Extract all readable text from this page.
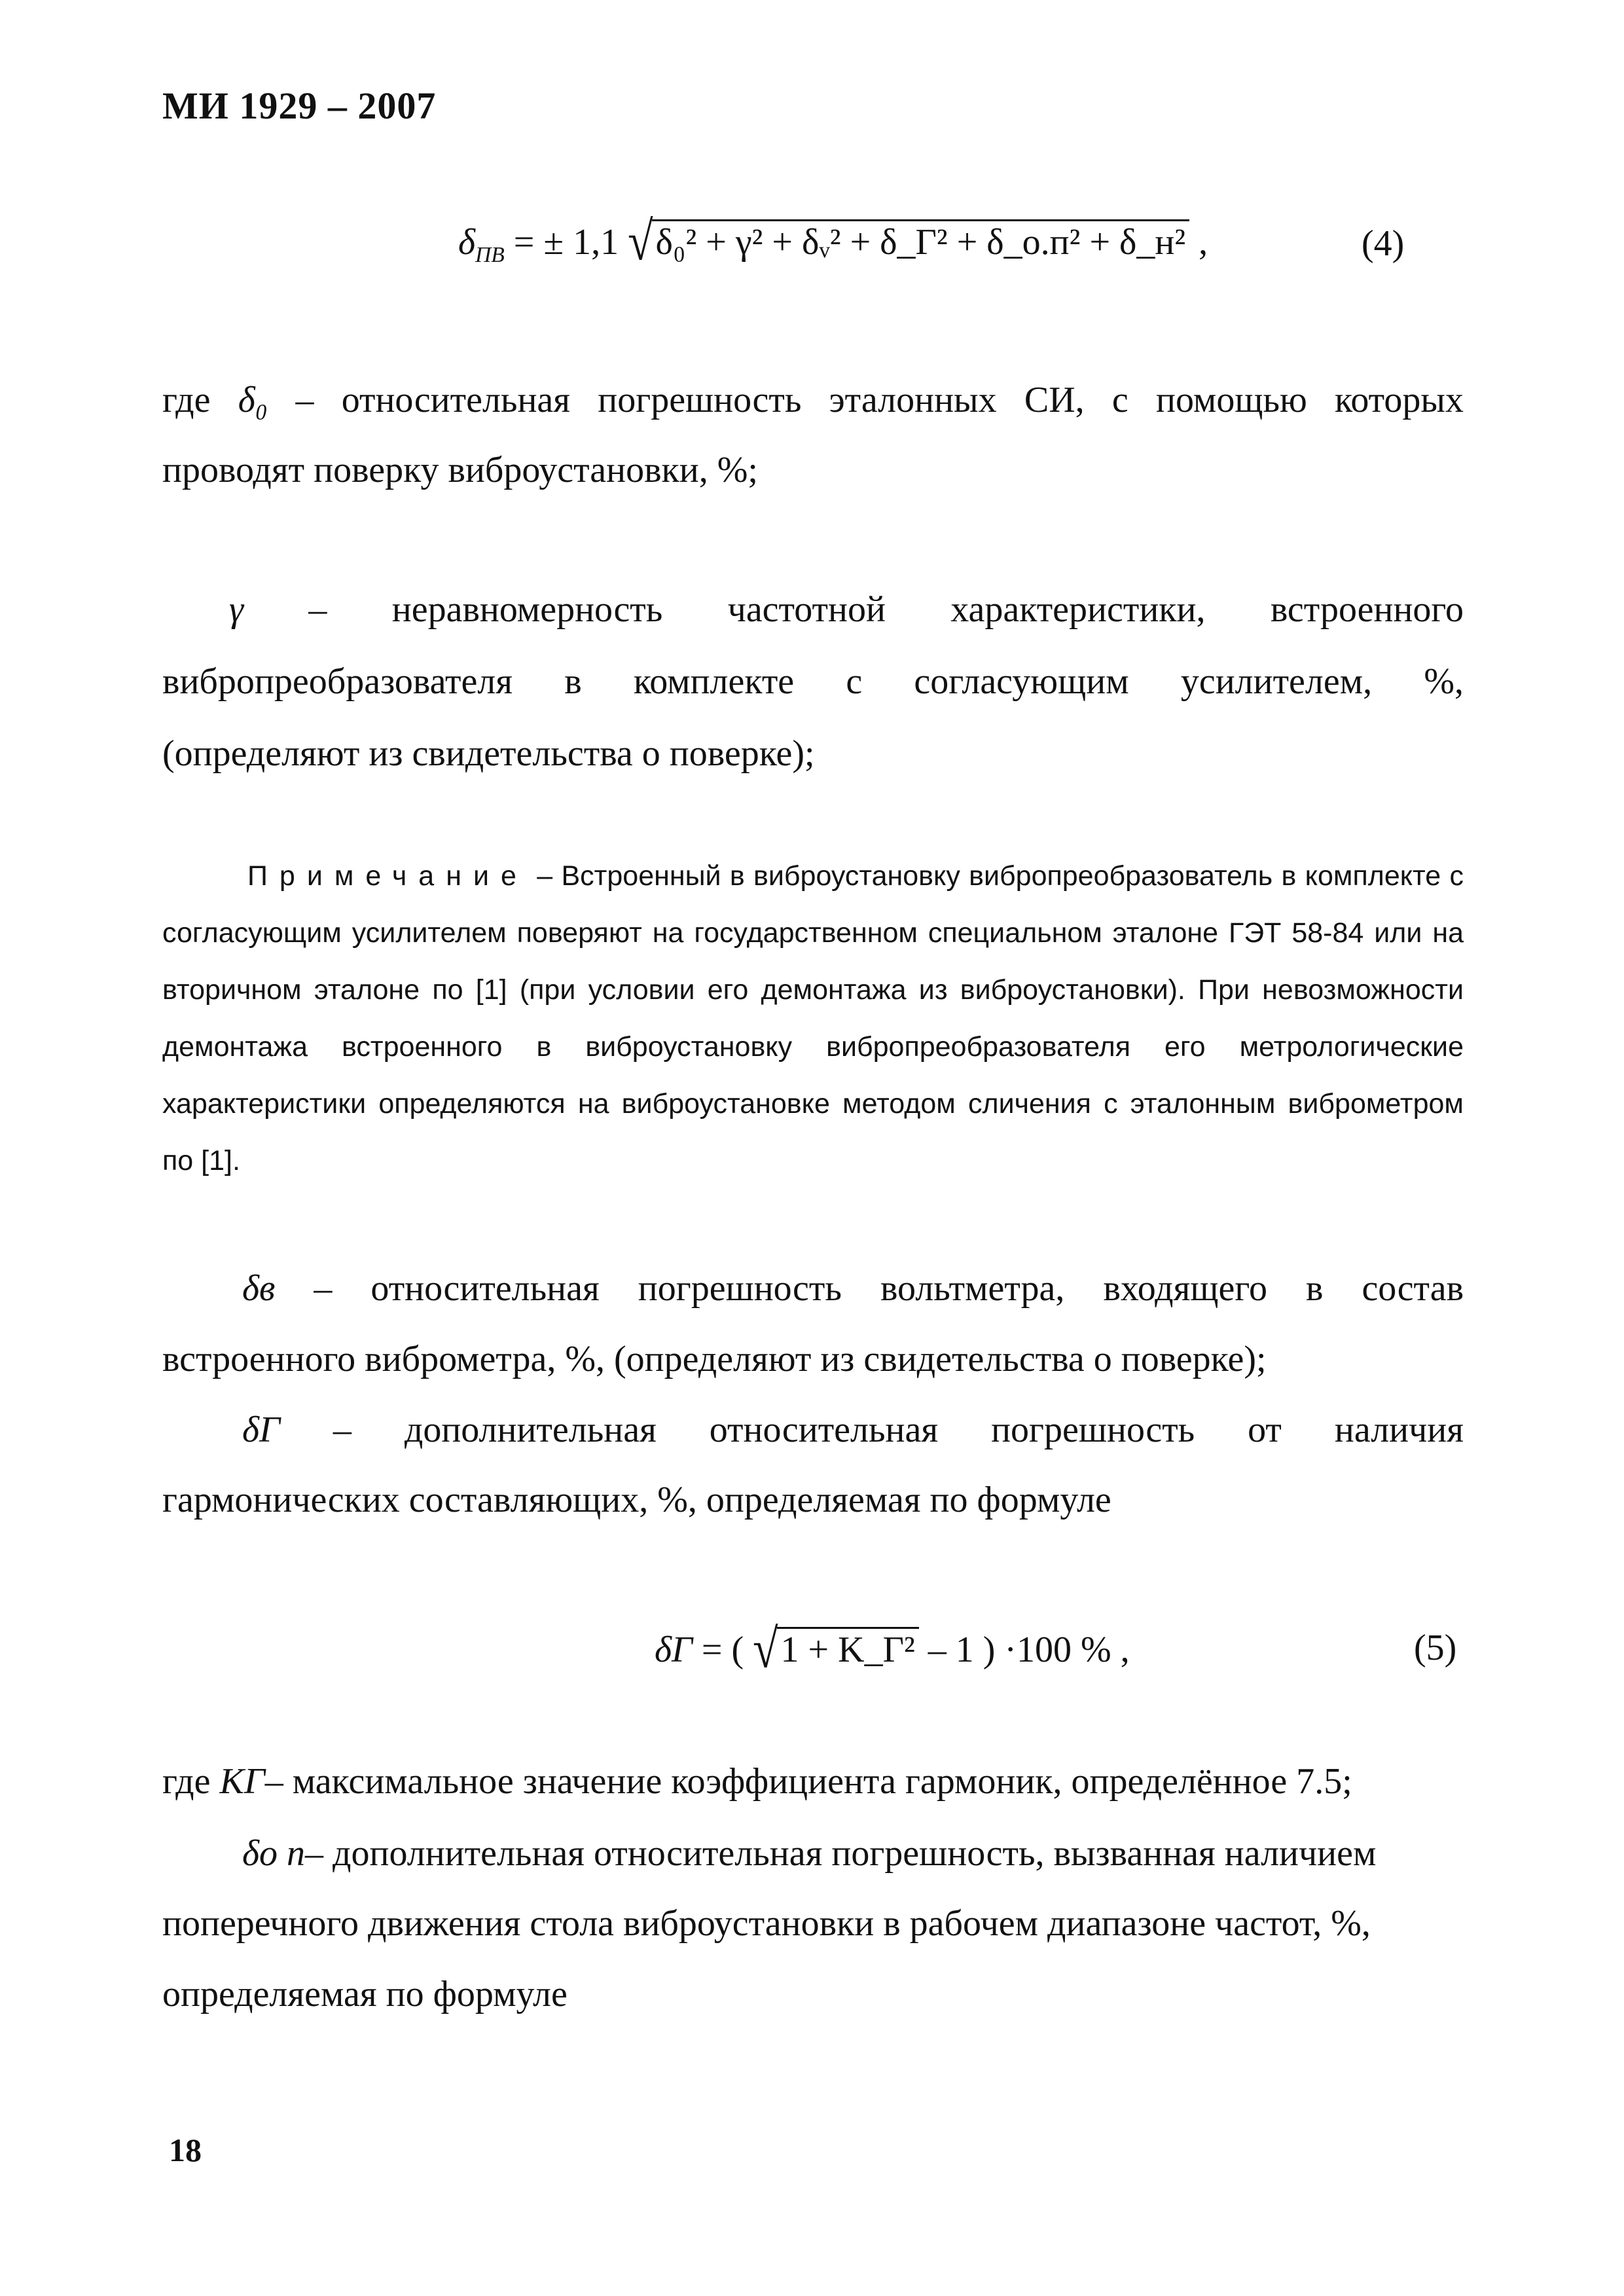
МИ 1929 – 2007
$\delta_{ПВ}$ = ± 1,1 √δ₀² + γ² + δᵥ² + δ_Г² + δ_о.п² + δ_н² ,	(4)
где δ₀ – относительная погрешность эталонных СИ, с помощью которых
проводят поверку виброустановки, %;
γ – неравномерность частотной характеристики, встроенного
вибропреобразователя в комплекте с согласующим усилителем, %,
(определяют из свидетельства о поверке);
Примечание – Встроенный в виброустановку вибропреобразователь в комплекте с согласующим усилителем поверяют на государственном специальном эталоне ГЭТ 58-84 или на вторичном эталоне по [1] (при условии его демонтажа из виброустановки). При невозможности демонтажа встроенного в виброустановку вибропреобразователя его метрологические характеристики определяются на виброустановке методом сличения с эталонным виброметром по [1].
δв – относительная погрешность вольтметра, входящего в состав
встроенного виброметра, %, (определяют из свидетельства о поверке);
δГ – дополнительная относительная погрешность от наличия
гармонических составляющих, %, определяемая по формуле
δГ = ( √1 + K_Г² – 1 ) ·100 % ,	(5)
где KГ– максимальное значение коэффициента гармоник, определённое 7.5;
δо п– дополнительная относительная погрешность, вызванная наличием
поперечного движения стола виброустановки в рабочем диапазоне частот, %,
определяемая по формуле
18
